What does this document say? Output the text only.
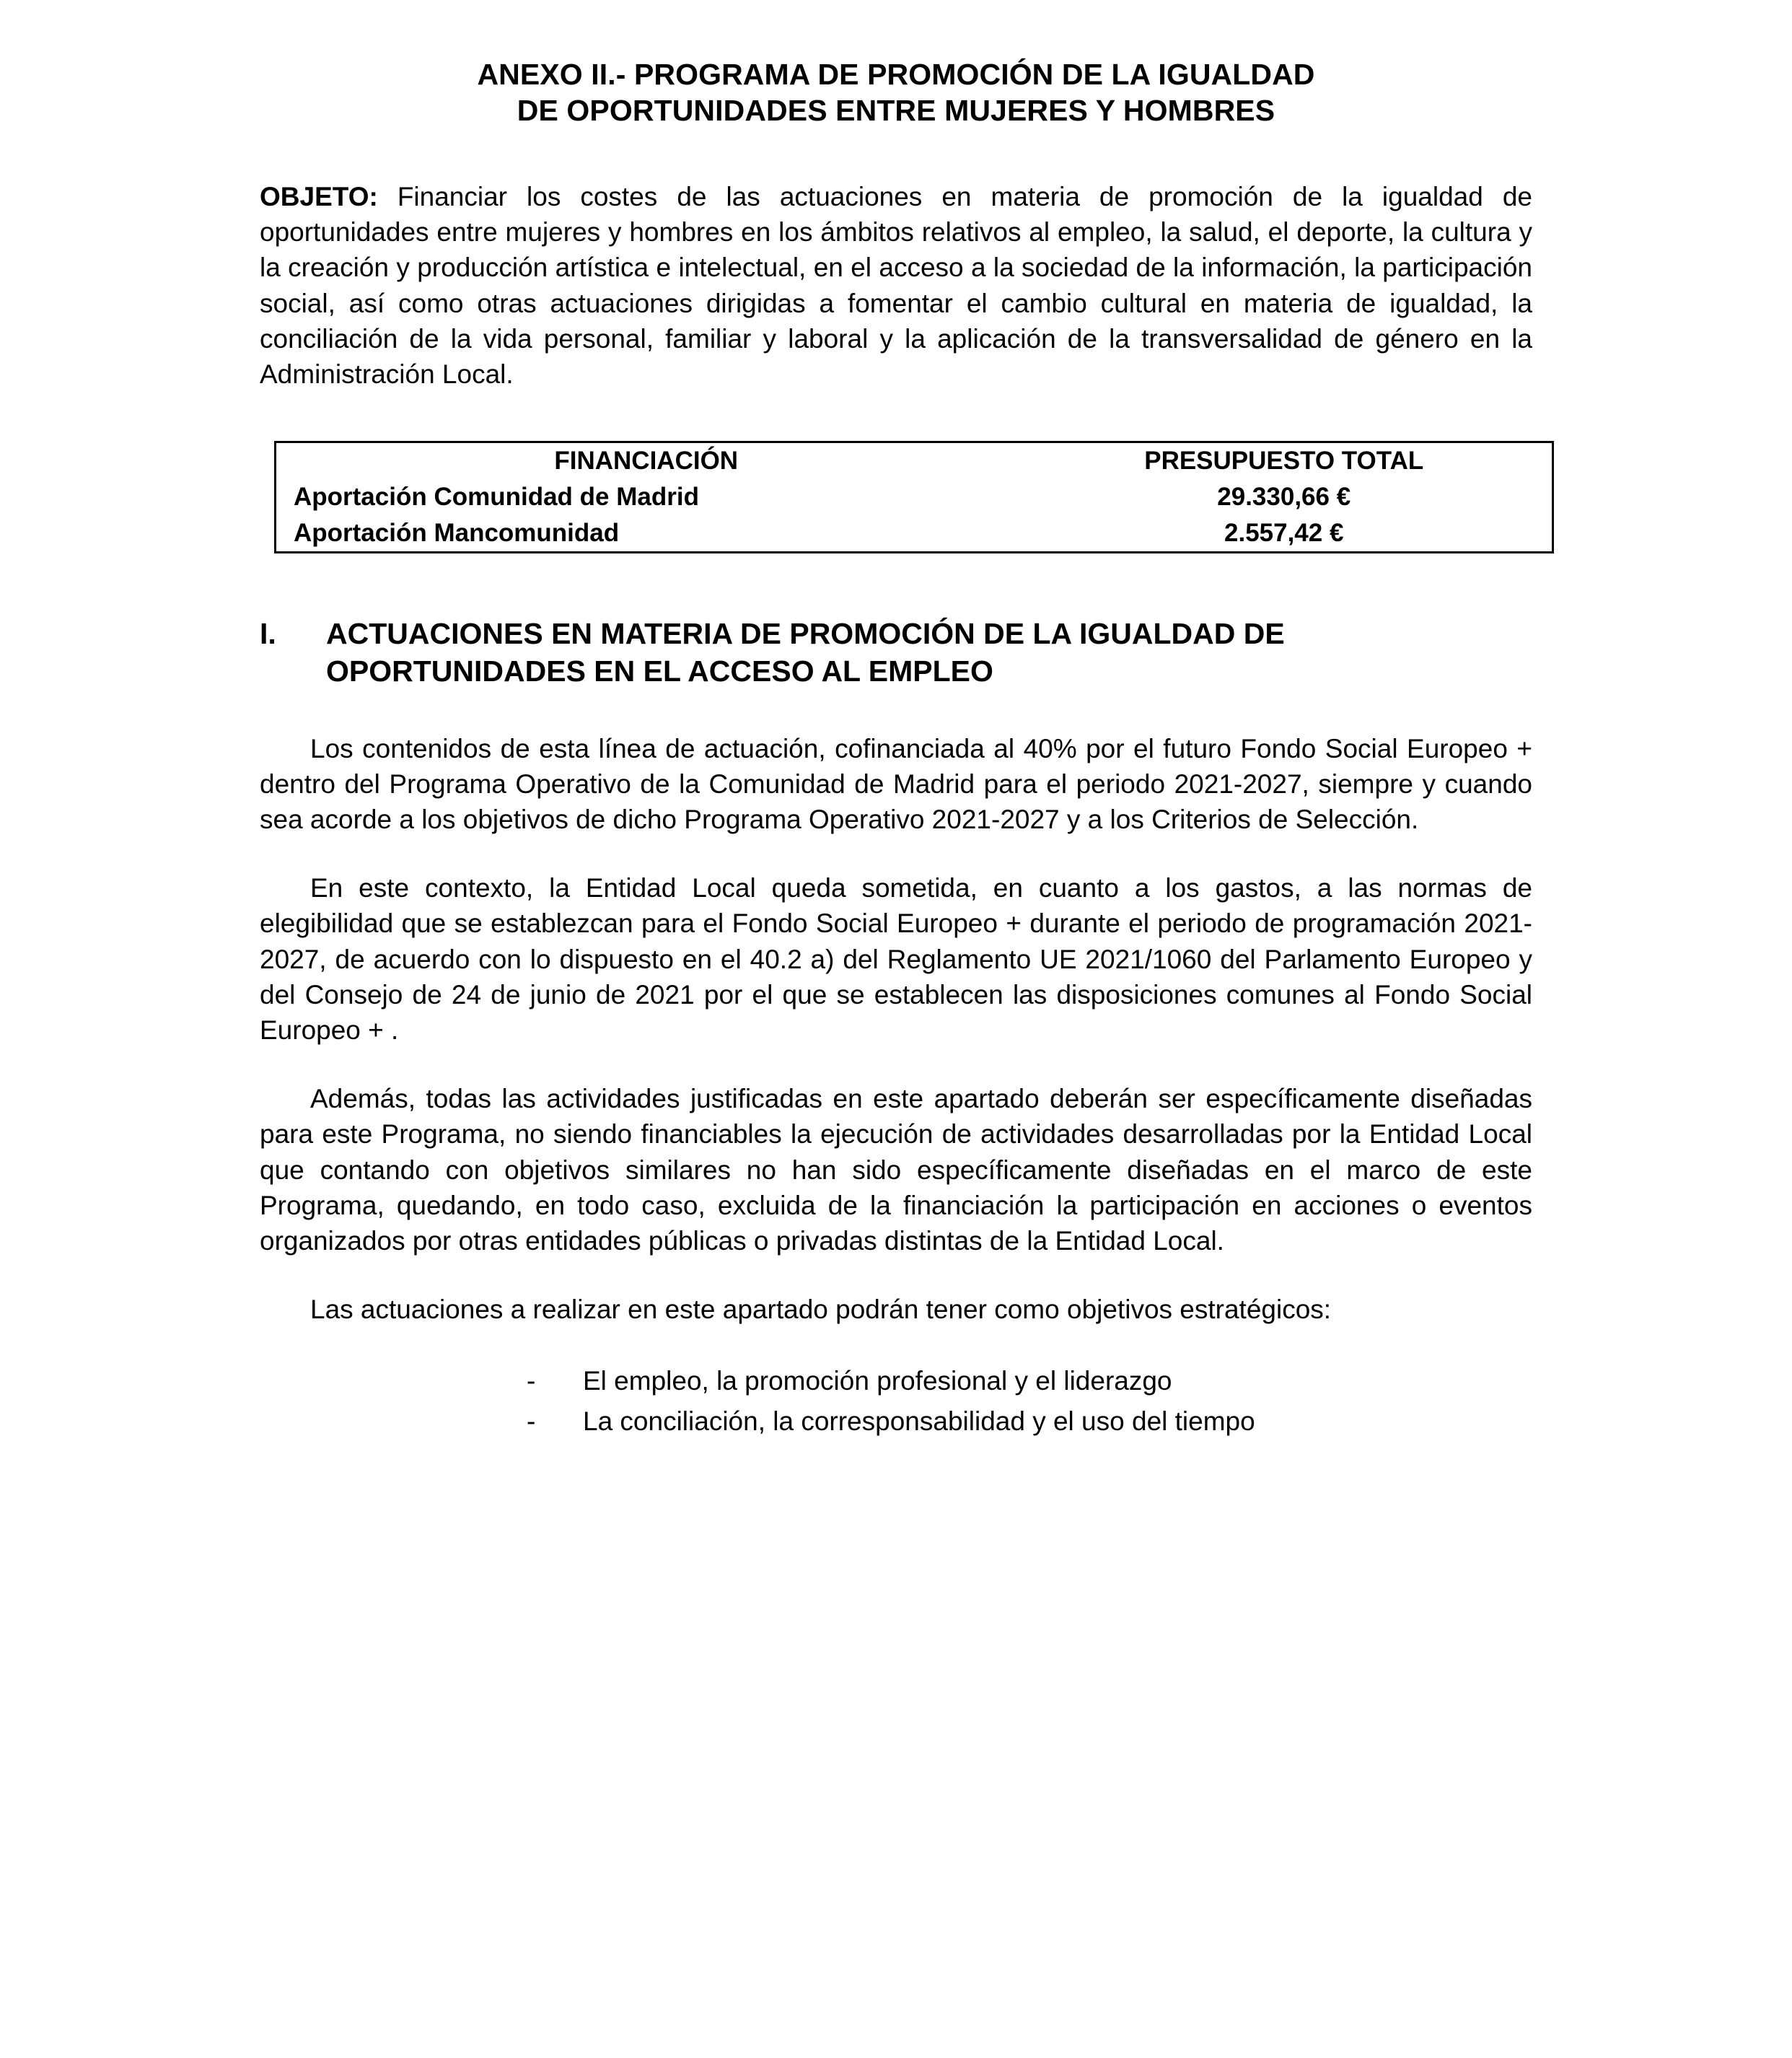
ANEXO II.- PROGRAMA DE PROMOCIÓN DE LA IGUALDAD
DE OPORTUNIDADES ENTRE MUJERES Y HOMBRES

OBJETO: Financiar los costes de las actuaciones en materia de promoción de la igualdad de oportunidades entre mujeres y hombres en los ámbitos relativos al empleo, la salud, el deporte, la cultura y la creación y producción artística e intelectual, en el acceso a la sociedad de la información, la participación social, así como otras actuaciones dirigidas a fomentar el cambio cultural en materia de igualdad, la conciliación de la vida personal, familiar y laboral y la aplicación de la transversalidad de género en la Administración Local.

FINANCIACIÓN	PRESUPUESTO TOTAL
Aportación Comunidad de Madrid	29.330,66 €
Aportación Mancomunidad	2.557,42 €
I.	ACTUACIONES EN MATERIA DE PROMOCIÓN DE LA IGUALDAD DE OPORTUNIDADES EN EL ACCESO AL EMPLEO

Los contenidos de esta línea de actuación, cofinanciada al 40% por el futuro Fondo Social Europeo + dentro del Programa Operativo de la Comunidad de Madrid para el periodo 2021-2027, siempre y cuando sea acorde a los objetivos de dicho Programa Operativo 2021-2027 y a los Criterios de Selección.

En este contexto, la Entidad Local queda sometida, en cuanto a los gastos, a las normas de elegibilidad que se establezcan para el Fondo Social Europeo + durante el periodo de programación 2021-2027, de acuerdo con lo dispuesto en el 40.2 a) del Reglamento UE 2021/1060 del Parlamento Europeo y del Consejo de 24 de junio de 2021 por el que se establecen las disposiciones comunes al Fondo Social Europeo + .

Además, todas las actividades justificadas en este apartado deberán ser específicamente diseñadas para este Programa, no siendo financiables la ejecución de actividades desarrolladas por la Entidad Local que contando con objetivos similares no han sido específicamente diseñadas en el marco de este Programa, quedando, en todo caso, excluida de la financiación la participación en acciones o eventos organizados por otras entidades públicas o privadas distintas de la Entidad Local.

Las actuaciones a realizar en este apartado podrán tener como objetivos estratégicos:

-	El empleo, la promoción profesional y el liderazgo
-	La conciliación, la corresponsabilidad y el uso del tiempo
